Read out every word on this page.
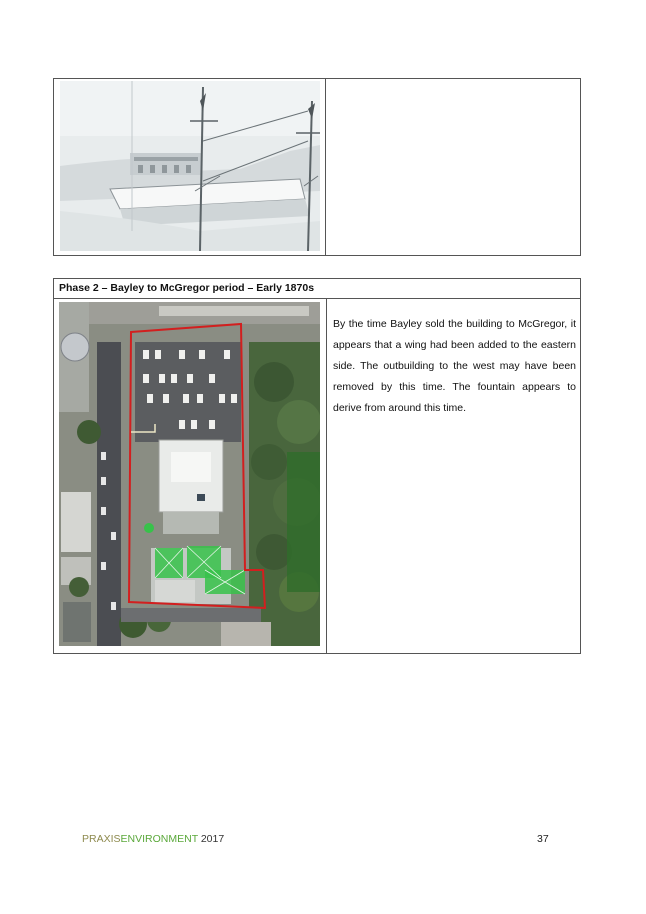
Phase 2 – Bayley to McGregor period – Early 1870s

By the time Bayley sold the building to McGregor, it appears that a wing had been added to the eastern side. The outbuilding to the west may have been removed by this time. The fountain appears to derive from around this time.

PRAXISENVIRONMENT 2017	37
